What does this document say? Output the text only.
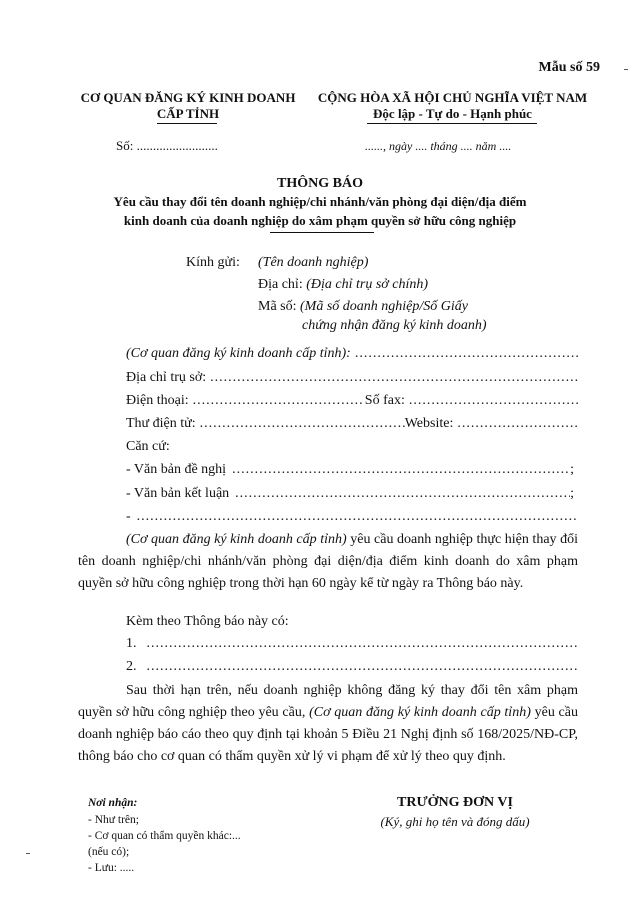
Mẫu số 59
CƠ QUAN ĐĂNG KÝ KINH DOANH
CẤP TỈNH
CỘNG HÒA XÃ HỘI CHỦ NGHĨA VIỆT NAM
Độc lập - Tự do - Hạnh phúc
Số: .........................	......, ngày .... tháng .... năm ....
THÔNG BÁO
Yêu cầu thay đổi tên doanh nghiệp/chi nhánh/văn phòng đại diện/địa điểm
kinh doanh của doanh nghiệp do xâm phạm quyền sở hữu công nghiệp
Kính gửi: (Tên doanh nghiệp)
Địa chỉ: (Địa chỉ trụ sở chính)
Mã số: (Mã số doanh nghiệp/Số Giấy
chứng nhận đăng ký kinh doanh)
(Cơ quan đăng ký kinh doanh cấp tỉnh):
.....
Địa chỉ trụ sở:
.....
Điện thoại: .....	Số fax:
.....
Thư điện tử: .....	Website:
.....
Căn cứ:
- Văn bản đề nghị .....	;
- Văn bản kết luận .....	;
-
.....
(Cơ quan đăng ký kinh doanh cấp tỉnh) yêu cầu doanh nghiệp thực hiện thay đổi tên doanh nghiệp/chi nhánh/văn phòng đại diện/địa điểm kinh doanh do xâm phạm quyền sở hữu công nghiệp trong thời hạn 60 ngày kể từ ngày ra Thông báo này.
Kèm theo Thông báo này có:
1.
.....
2.
.....
Sau thời hạn trên, nếu doanh nghiệp không đăng ký thay đổi tên xâm phạm quyền sở hữu công nghiệp theo yêu cầu, (Cơ quan đăng ký kinh doanh cấp tỉnh) yêu cầu doanh nghiệp báo cáo theo quy định tại khoản 5 Điều 21 Nghị định số 168/2025/NĐ-CP, thông báo cho cơ quan có thẩm quyền xử lý vi phạm để xử lý theo quy định.
Nơi nhận:
- Như trên;
- Cơ quan có thẩm quyền khác:...
(nếu có);
- Lưu: .....
TRƯỞNG ĐƠN VỊ
(Ký, ghi họ tên và đóng dấu)
